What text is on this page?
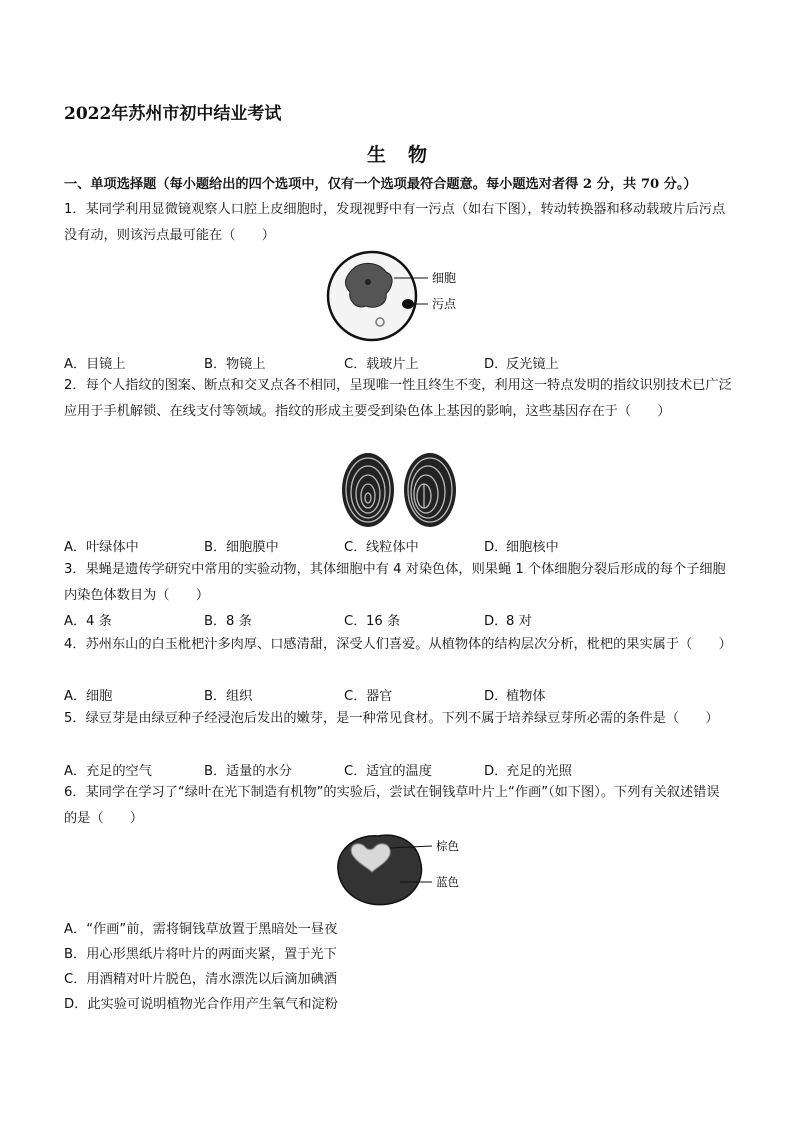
2022年苏州市初中结业考试
生物
一、单项选择题（每小题给出的四个选项中，仅有一个选项最符合题意。每小题选对者得 2 分，共 70 分。）
1．某同学利用显微镜观察人口腔上皮细胞时，发现视野中有一污点（如右下图），转动转换器和移动载玻片后污点没有动，则该污点最可能在（　　）
细胞
污点
A．目镜上	B．物镜上	C．载玻片上	D．反光镜上
2．每个人指纹的图案、断点和交叉点各不相同，呈现唯一性且终生不变，利用这一特点发明的指纹识别技术已广泛应用于手机解锁、在线支付等领域。指纹的形成主要受到染色体上基因的影响，这些基因存在于（　　）
A．叶绿体中	B．细胞膜中	C．线粒体中	D．细胞核中
3．果蝇是遗传学研究中常用的实验动物，其体细胞中有 4 对染色体，则果蝇 1 个体细胞分裂后形成的每个子细胞内染色体数目为（　　）
A．4 条	B．8 条	C．16 条	D．8 对
4．苏州东山的白玉枇杷汁多肉厚、口感清甜，深受人们喜爱。从植物体的结构层次分析，枇杷的果实属于（　　）
A．细胞	B．组织	C．器官	D．植物体
5．绿豆芽是由绿豆种子经浸泡后发出的嫩芽，是一种常见食材。下列不属于培养绿豆芽所必需的条件是（　　）
A．充足的空气	B．适量的水分	C．适宜的温度	D．充足的光照
6．某同学在学习了“绿叶在光下制造有机物”的实验后，尝试在铜钱草叶片上“作画”（如下图）。下列有关叙述错误的是（　　）
棕色
蓝色
A．“作画”前，需将铜钱草放置于黑暗处一昼夜
B．用心形黑纸片将叶片的两面夹紧，置于光下
C．用酒精对叶片脱色，清水漂洗以后滴加碘酒
D．此实验可说明植物光合作用产生氧气和淀粉
